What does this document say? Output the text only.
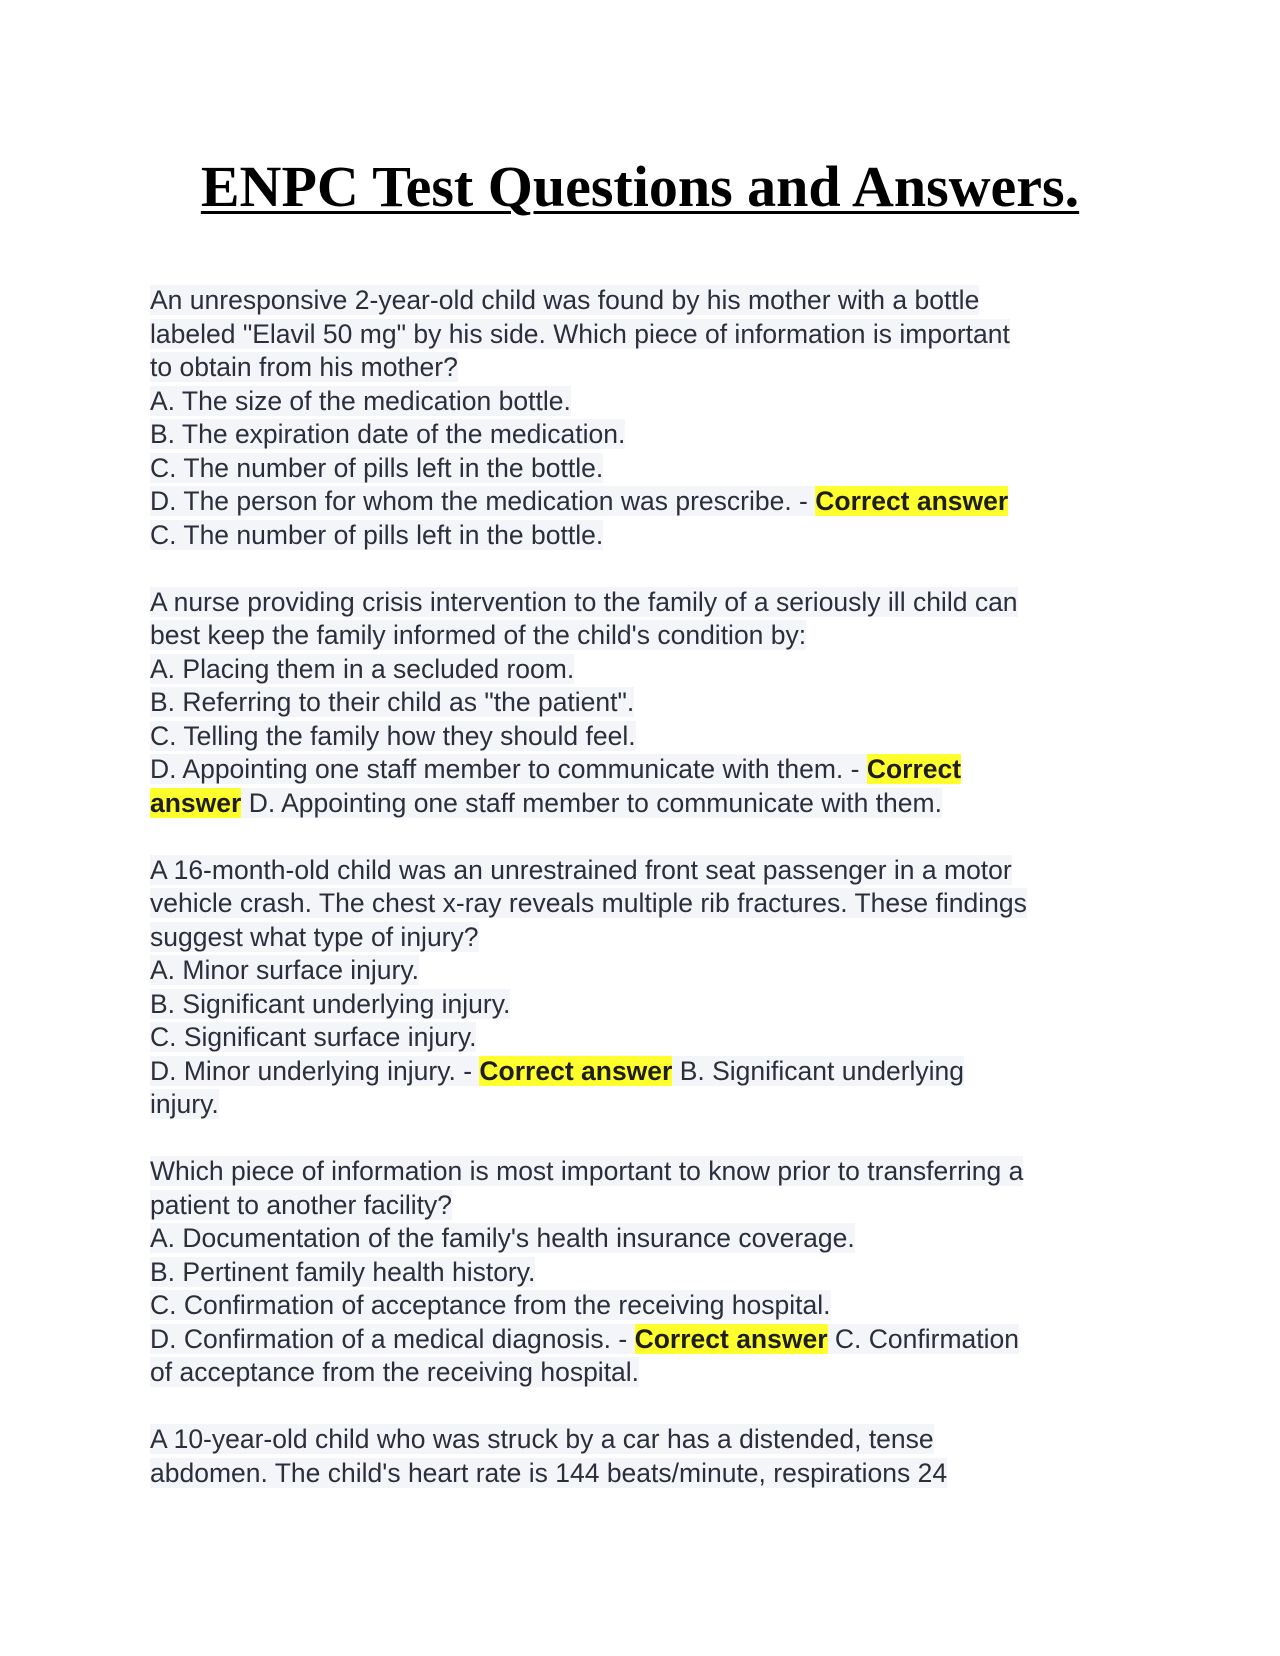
ENPC Test Questions and Answers.
An unresponsive 2-year-old child was found by his mother with a bottle
labeled "Elavil 50 mg" by his side. Which piece of information is important
to obtain from his mother?
A. The size of the medication bottle.
B. The expiration date of the medication.
C. The number of pills left in the bottle.
D. The person for whom the medication was prescribe. - Correct answer
C. The number of pills left in the bottle.
A nurse providing crisis intervention to the family of a seriously ill child can
best keep the family informed of the child's condition by:
A. Placing them in a secluded room.
B. Referring to their child as "the patient".
C. Telling the family how they should feel.
D. Appointing one staff member to communicate with them. - Correct
answer D. Appointing one staff member to communicate with them.
A 16-month-old child was an unrestrained front seat passenger in a motor
vehicle crash. The chest x-ray reveals multiple rib fractures. These findings
suggest what type of injury?
A. Minor surface injury.
B. Significant underlying injury.
C. Significant surface injury.
D. Minor underlying injury. - Correct answer B. Significant underlying
injury.
Which piece of information is most important to know prior to transferring a
patient to another facility?
A. Documentation of the family's health insurance coverage.
B. Pertinent family health history.
C. Confirmation of acceptance from the receiving hospital.
D. Confirmation of a medical diagnosis. - Correct answer C. Confirmation
of acceptance from the receiving hospital.
A 10-year-old child who was struck by a car has a distended, tense
abdomen. The child's heart rate is 144 beats/minute, respirations 24
